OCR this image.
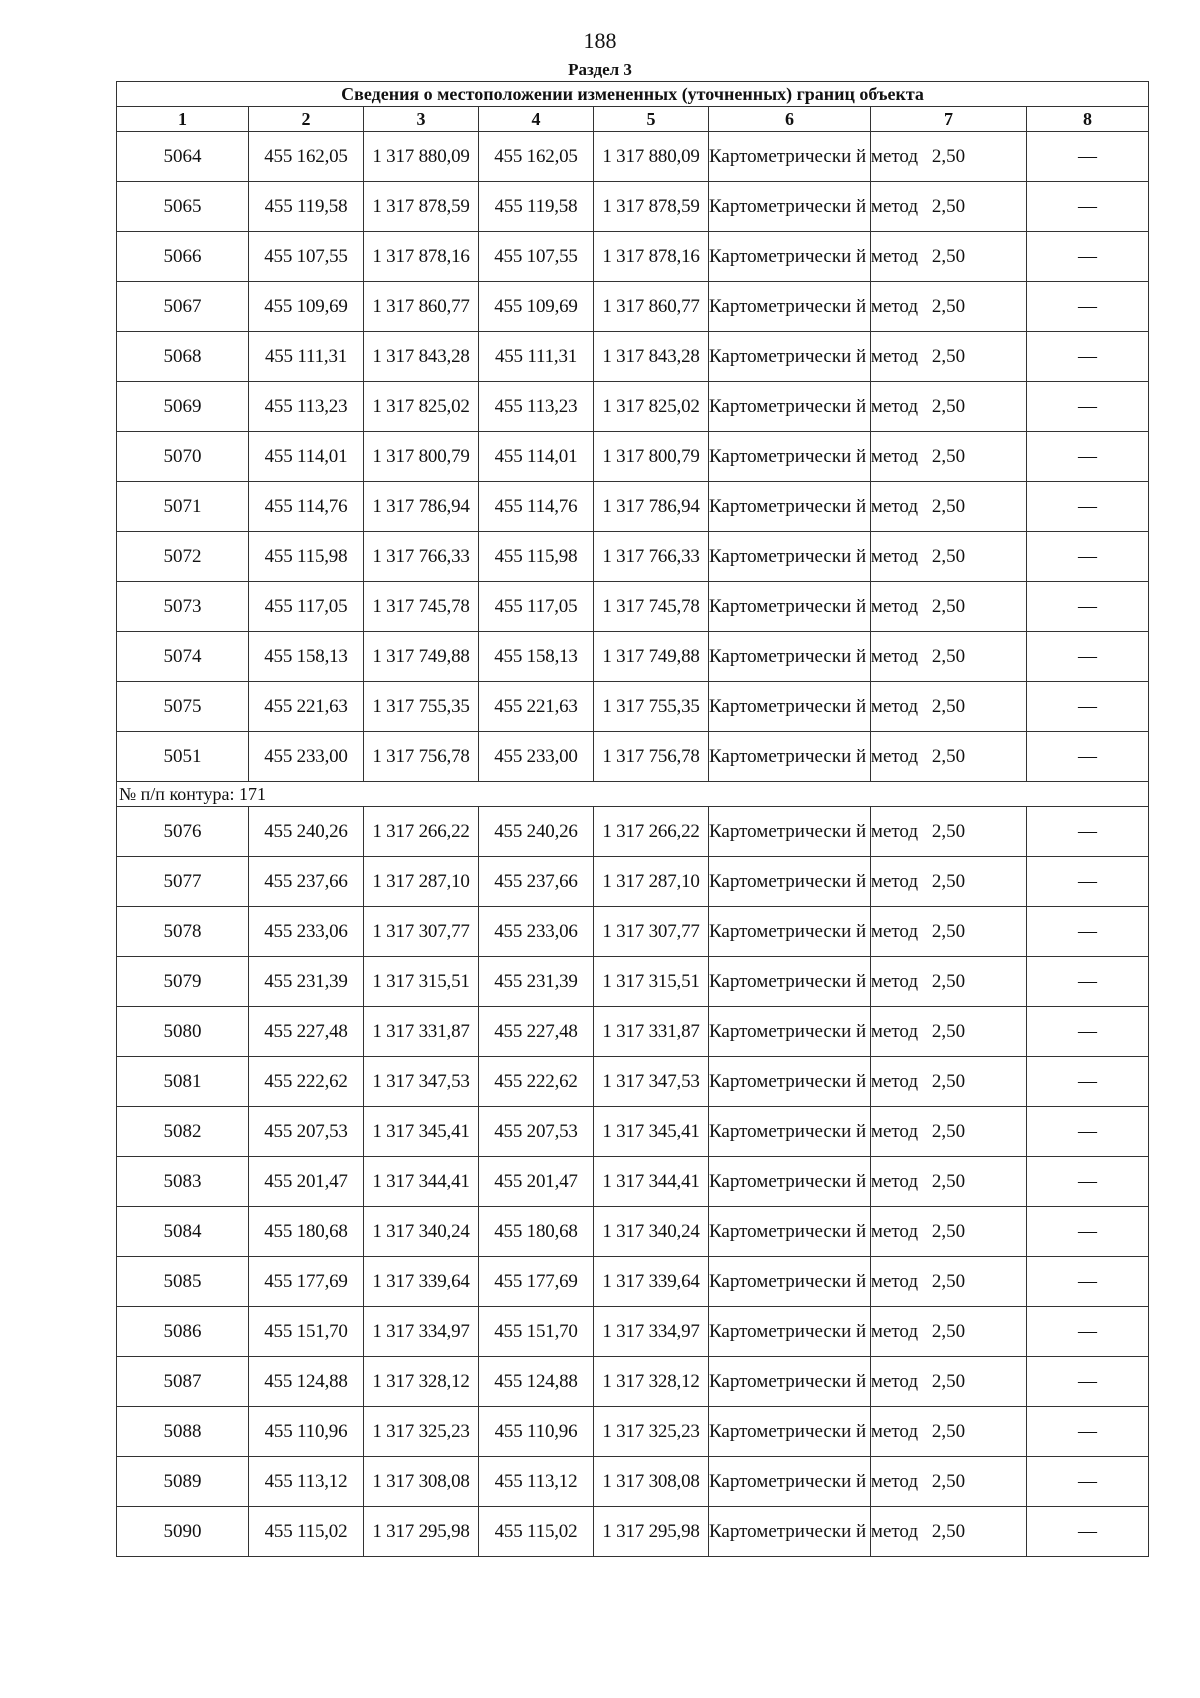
188
Раздел 3
Сведения о местоположении измененных (уточненных) границ объекта							
1	2	3	4	5	6	7	8
5064	455 162,05	1 317 880,09	455 162,05	1 317 880,09	Картометрически й метод	2,50	—
5065	455 119,58	1 317 878,59	455 119,58	1 317 878,59	Картометрически й метод	2,50	—
5066	455 107,55	1 317 878,16	455 107,55	1 317 878,16	Картометрически й метод	2,50	—
5067	455 109,69	1 317 860,77	455 109,69	1 317 860,77	Картометрически й метод	2,50	—
5068	455 111,31	1 317 843,28	455 111,31	1 317 843,28	Картометрически й метод	2,50	—
5069	455 113,23	1 317 825,02	455 113,23	1 317 825,02	Картометрически й метод	2,50	—
5070	455 114,01	1 317 800,79	455 114,01	1 317 800,79	Картометрически й метод	2,50	—
5071	455 114,76	1 317 786,94	455 114,76	1 317 786,94	Картометрически й метод	2,50	—
5072	455 115,98	1 317 766,33	455 115,98	1 317 766,33	Картометрически й метод	2,50	—
5073	455 117,05	1 317 745,78	455 117,05	1 317 745,78	Картометрически й метод	2,50	—
5074	455 158,13	1 317 749,88	455 158,13	1 317 749,88	Картометрически й метод	2,50	—
5075	455 221,63	1 317 755,35	455 221,63	1 317 755,35	Картометрически й метод	2,50	—
5051	455 233,00	1 317 756,78	455 233,00	1 317 756,78	Картометрически й метод	2,50	—
№ п/п контура: 171							
5076	455 240,26	1 317 266,22	455 240,26	1 317 266,22	Картометрически й метод	2,50	—
5077	455 237,66	1 317 287,10	455 237,66	1 317 287,10	Картометрически й метод	2,50	—
5078	455 233,06	1 317 307,77	455 233,06	1 317 307,77	Картометрически й метод	2,50	—
5079	455 231,39	1 317 315,51	455 231,39	1 317 315,51	Картометрически й метод	2,50	—
5080	455 227,48	1 317 331,87	455 227,48	1 317 331,87	Картометрически й метод	2,50	—
5081	455 222,62	1 317 347,53	455 222,62	1 317 347,53	Картометрически й метод	2,50	—
5082	455 207,53	1 317 345,41	455 207,53	1 317 345,41	Картометрически й метод	2,50	—
5083	455 201,47	1 317 344,41	455 201,47	1 317 344,41	Картометрически й метод	2,50	—
5084	455 180,68	1 317 340,24	455 180,68	1 317 340,24	Картометрически й метод	2,50	—
5085	455 177,69	1 317 339,64	455 177,69	1 317 339,64	Картометрически й метод	2,50	—
5086	455 151,70	1 317 334,97	455 151,70	1 317 334,97	Картометрически й метод	2,50	—
5087	455 124,88	1 317 328,12	455 124,88	1 317 328,12	Картометрически й метод	2,50	—
5088	455 110,96	1 317 325,23	455 110,96	1 317 325,23	Картометрически й метод	2,50	—
5089	455 113,12	1 317 308,08	455 113,12	1 317 308,08	Картометрически й метод	2,50	—
5090	455 115,02	1 317 295,98	455 115,02	1 317 295,98	Картометрически й метод	2,50	—
